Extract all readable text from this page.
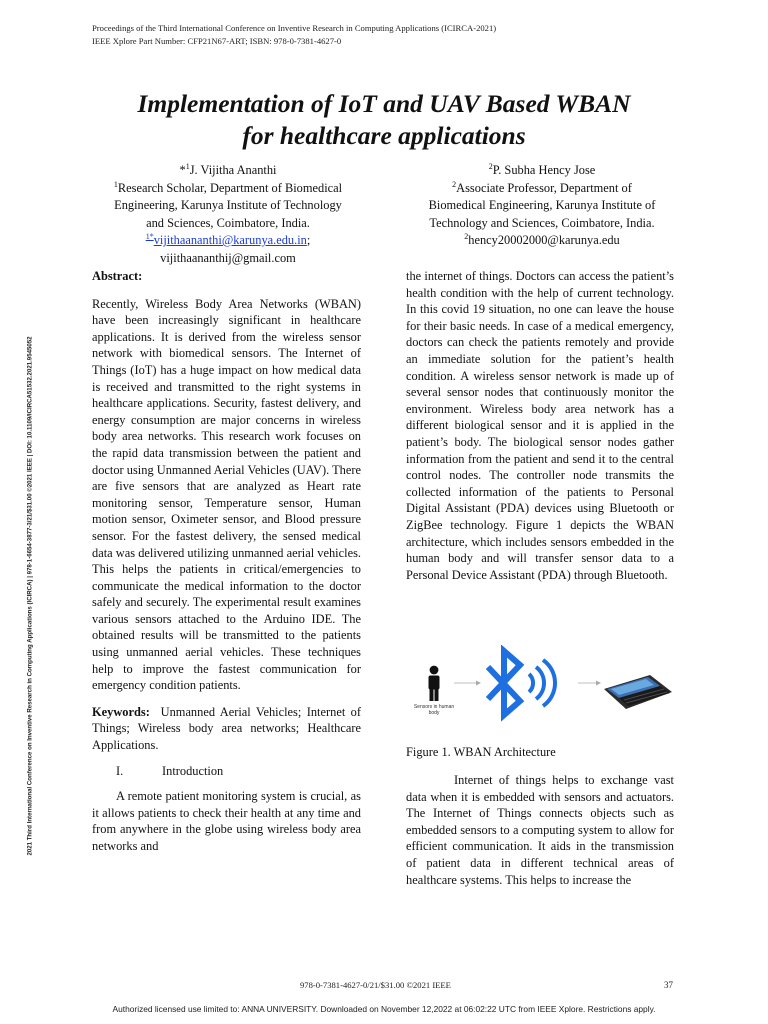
Proceedings of the Third International Conference on Inventive Research in Computing Applications (ICIRCA-2021)
IEEE Xplore Part Number: CFP21N67-ART; ISBN: 978-0-7381-4627-0
2021 Third International Conference on Inventive Research in Computing Applications (ICIRCA) | 978-1-6654-3877-3/21/$31.00 ©2021 IEEE | DOI: 10.1109/ICIRCA51532.2021.9545052
Implementation of IoT and UAV Based WBAN
for healthcare applications
*$^1$J. Vijitha Ananthi
$^1$Research Scholar, Department of Biomedical
Engineering, Karunya Institute of Technology
and Sciences, Coimbatore, India.
$^{1*}$vijithaananthi@karunya.edu.in;
vijithaananthij@gmail.com
$^2$P. Subha Hency Jose
$^2$Associate Professor, Department of
Biomedical Engineering, Karunya Institute of
Technology and Sciences, Coimbatore, India.
$^2$hency20002000@karunya.edu

Abstract:

Recently, Wireless Body Area Networks (WBAN) have been increasingly significant in healthcare applications. It is derived from the wireless sensor network with biomedical sensors. The Internet of Things (IoT) has a huge impact on how medical data is received and transmitted to the right systems in healthcare applications. Security, fastest delivery, and energy consumption are major concerns in wireless body area networks. This research work focuses on the rapid data transmission between the patient and doctor using Unmanned Aerial Vehicles (UAV). There are five sensors that are analyzed as Heart rate monitoring sensor, Temperature sensor, Human motion sensor, Oximeter sensor, and Blood pressure sensor. For the fastest delivery, the sensed medical data was delivered utilizing unmanned aerial vehicles. This helps the patients in critical/emergencies to communicate the medical information to the doctor safely and securely. The experimental result examines various sensors attached to the Arduino IDE. The obtained results will be transmitted to the patients using unmanned aerial vehicles. These techniques help to improve the fastest communication for emergency condition patients.

Keywords: Unmanned Aerial Vehicles; Internet of Things; Wireless body area networks; Healthcare Applications.

I.	Introduction

A remote patient monitoring system is crucial, as it allows patients to check their health at any time and from anywhere in the globe using wireless body area networks and

the internet of things. Doctors can access the patient’s health condition with the help of current technology. In this covid 19 situation, no one can leave the house for their basic needs. In case of a medical emergency, doctors can check the patients remotely and provide an immediate solution for the patient’s health condition. A wireless sensor network is made up of several sensor nodes that continuously monitor the environment. Wireless body area network has a different biological sensor and it is applied in the patient’s body. The biological sensor nodes gather information from the patient and send it to the central control nodes. The controller node transmits the collected information of the patients to Personal Digital Assistant (PDA) devices using Bluetooth or ZigBee technology. Figure 1 depicts the WBAN architecture, which includes sensors embedded in the human body and will transfer sensor data to a Personal Device Assistant (PDA) through Bluetooth.

Sensors in human
body
Figure 1. WBAN Architecture

Internet of things helps to exchange vast data when it is embedded with sensors and actuators. The Internet of Things connects objects such as embedded sensors to a computing system to allow for efficient communication. It aids in the transmission of patient data in different technical areas of healthcare systems. This helps to increase the

978-0-7381-4627-0/21/$31.00 ©2021 IEEE	37
Authorized licensed use limited to: ANNA UNIVERSITY. Downloaded on November 12,2022 at 06:02:22 UTC from IEEE Xplore. Restrictions apply.
